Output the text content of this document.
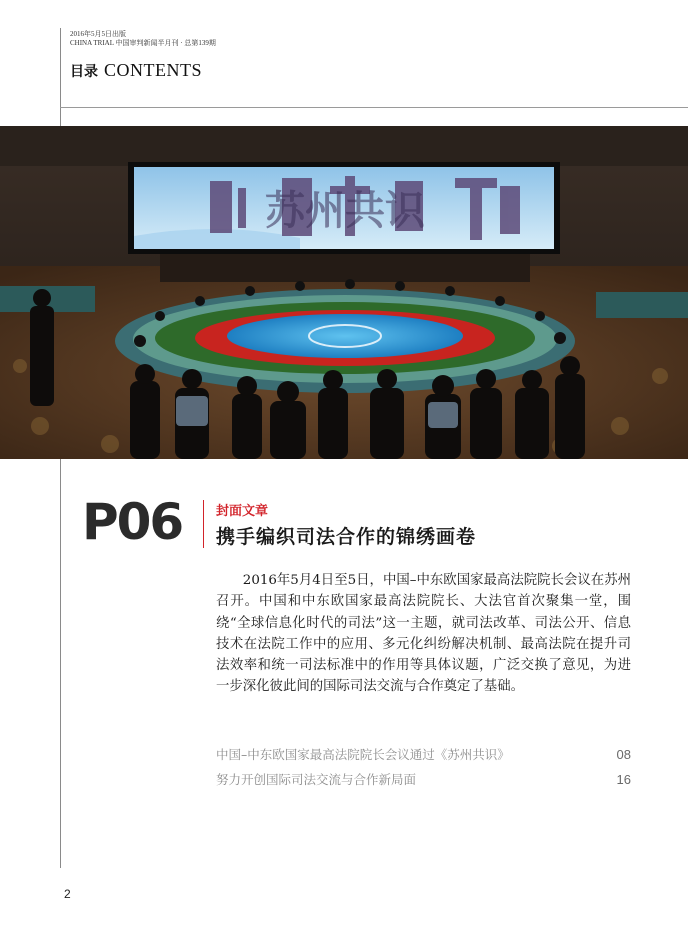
2016年5月5日出版
CHINA TRIAL 中国审判新闻半月刊 · 总第139期
目录 CONTENTS
苏州共识
P06	封面文章
携手编织司法合作的锦绣画卷

2016年5月4日至5日，中国–中东欧国家最高法院院长会议在苏州召开。中国和中东欧国家最高法院院长、大法官首次聚集一堂，围绕“全球信息化时代的司法”这一主题，就司法改革、司法公开、信息技术在法院工作中的应用、多元化纠纷解决机制、最高法院在提升司法效率和统一司法标准中的作用等具体议题，广泛交换了意见，为进一步深化彼此间的国际司法交流与合作奠定了基础。

中国–中东欧国家最高法院院长会议通过《苏州共识》	08
努力开创国际司法交流与合作新局面	16
2
